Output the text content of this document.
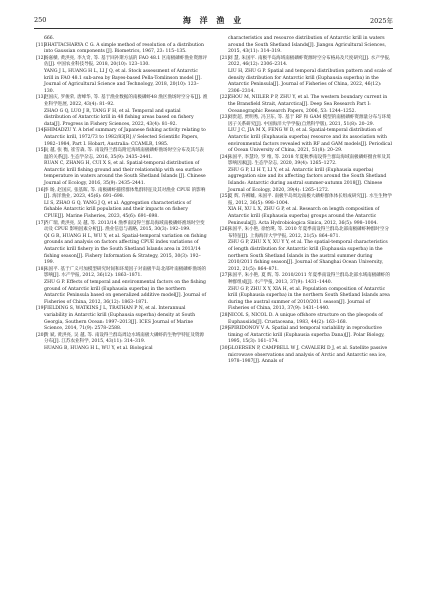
250	海 洋 渔 业	2025年
666.
[11]
BHATTACHARYA C G. A simple method of resolution of a distribution into Gaussian components [J]. Biometrics, 1967, 23: 115–135.
[12]
杨嘉樑, 黄洪亮, 李九奇, 等. 基于回补斯方法的 FAO 48.1 区南极磷虾渔业资源评估[J]. 中国农业科技导报, 2018, 20(10): 123–130.
YANG J L, HUANG H L, LI J Q, et al. Stock assessment of Antarctic krill in FAO 48.1 sub-area by Bayes-based Pella-Tomlinson model [J]. Journal of Agricultural Science and Technology, 2018, 20(10): 123–130.
[13]
赵国庆, 罗俊荣, 唐峰华, 等. 基于渔业数据的南极磷虾48 渔区渔场时空分布[J]. 渔业科学进展, 2022, 43(4): 81–92.
ZHAO G Q, LUO J R, TANG F H, et al. Temporal and spatial distribution of Antarctic krill in 48 fishing areas based on fishery data[J]. Progress in Fishery Sciences, 2022, 43(4): 81–92.
[14]
SHIMADZU Y. A brief summary of Japanese fishing activity relating to Antarctic krill, 1972/73 to 1982/83[R] // Selected Scientific Papers, 1982–1984, Part I. Hobart, Australia: CCAMLR, 1985.
[15]
阮 越, 张 衡, 崔雪森, 等. 南设得兰群岛附近海域南极磷虾渔场时空分布及其与表温的关系[J]. 生态学杂志, 2016, 35(9): 2435–2441.
RUAN C, ZHANG H, CUI X S, et al. Spatial-temporal distribution of Antarctic krill fishing ground and their relationship with sea surface temperature in waters around the South Shetland Islands [J]. Chinese Journal of Ecology, 2016, 35(9): 2435–2441.
[16]
李 旸, 赵国庆, 张基晖, 等. 南极磷虾捕捞群体集群特征及其对渔业 CPUE 的影响[J]. 海洋渔业, 2023, 45(6): 691–698.
LI S, ZHAO G Q, YANG J Q, et al. Aggregation characteristics of fishable Antarctic krill population and their impacts on fishery CPUE[J]. Marine Fisheries, 2023, 45(6): 691–698.
[17]
齐广瑞, 黄洪亮, 吴 越, 等. 2013/14 渔季南设得兰群岛海域南极磷虾渔场时空变动及 CPUE 影响因素分析[J]. 渔业信息与战略, 2015, 30(3): 192–199.
QI G R, HUANG H L, WU Y, et al. Spatial-temporal variation on fishing grounds and analysis on factors affecting CPUE index variations of Antarctic krill fishery in the South Shetland Islands area in 2013/14 fishing season[J]. Fishery Information & Strategy, 2015, 30(3): 192–199.
[18]
朱国平. 基于广义可加模型研究时间和环境因子对南极半岛北部叶南极磷虾渔场的影响[J]. 水产学报, 2012, 36(12): 1863–1871.
ZHU G P. Effects of temporal and environmental factors on the fishing ground of Antarctic krill (Euphausia superba) in the northern Antarctic Peninsula based on generalized additive model[J]. Journal of Fisheries of China, 2012, 36(12): 1863–1871.
[19]
FIELDING S, WATKINS J L, TRATHAN P N, et al. Interannual variability in Antarctic krill (Euphausia superba) density at South Georgia, Southern Ocean: 1997–2013[J]. ICES Journal of Marine Science, 2014, 71(9): 2578–2588.
[20]
黄 斌, 黄洪亮, 吴 越, 等. 南设得兰群岛周边水域南极大磷虾的生物学特征及资源分布[J]. 江苏农业科学, 2015, 43(11): 314–319.
HUANG B, HUANG H L, WU Y, et al. Biological
characteristics and resource distribution of Antarctic krill in waters around the South Shetland Islands[J]. Jiangsu Agricultural Sciences, 2015, 43(11): 314–319.
[21]
刘 慧, 朱国平. 南极半岛海域南极磷虾资源时空分布格局及尺度研究[J]. 水产学报, 2022, 46(12): 2306–2314.
LIU H, ZHU G P. Spatial and temporal distribution pattern and scale of density distribution for Antarctic krill (Euphausia superba) in the Antarctic Peninsula[J]. Journal of Fisheries of China, 2022, 46(12): 2306–2314.
[22]
ZHOU M, NIILER P P, ZHU Y, et al. The western boundary current in the Bransfield Strait, Antarctica[J]. Deep Sea Research Part I: Oceanographic Research Papers, 2006, 53: 1244–1252.
[23]
刘贵超, 贾明秀, 冯卫东, 等. 基于 RF 和 GAM 模型的南极磷虾资源量分布与环境因子关系研究[J]. 中国海洋大学学报(自然科学版), 2021, 51(8): 20–29.
LIU J C, JIA M X, FENG W D, et al. Spatial-temporal distribution of Antarctic krill (Euphausia superba) resource and its association with environmental factors revealed with RF and GAM models[J]. Periodical of Ocean University of China, 2021, 51(8): 20–29.
[24]
朱国平, 李慧玲, 罗 维, 等. 2018 年夏秋季南设得兰群岛海域南极磷虾摄食率及其影响因素[J]. 生态学杂志, 2020, 39(4): 1265–1272.
ZHU G P, LI H T, LI Y, et al. Antarctic krill (Euphausia superba) aggregation size and its affecting factors around the South Shetland Islands: Antarctic during austral summer-autumn 2018[J]. Chinese Journal of Ecology, 2020, 39(4): 1265–1272.
[25]
夏 辉, 许柳雄, 朱国平. 南极半岛周边南极大磷虾群体体长组成研究[J]. 水生生物学报, 2012, 36(5): 998–1004.
XIA H, XU L X, ZHU G P, et al. Research on length composition of Antarctic krill (Euphausia superba) groups around the Antarctic Peninsula[J]. Acta Hydrobiologica Sinica, 2012, 36(5): 998–1004.
[26]
朱国平, 朱小艳, 徐怡瑛, 等. 2010 年夏季南设得兰群岛北部南极磷虾种群时空分布特征[J]. 上海海洋大学学报, 2012, 21(5): 864–871.
ZHU G P, ZHU X Y, XU Y Y, et al. The spatial-temporal characteristics of length distribution for Antarctic krill (Euphausia superba) in the northern South Shetland Islands in the austral summer during 2010/2011 fishing season[J]. Journal of Shanghai Ocean University, 2012, 21(5): 864–871.
[27]
朱国平, 朱小艳, 夏 辉, 等. 2010/2011 年夏季南设得兰群岛北部水域南极磷虾的种群组成[J]. 水产学报, 2013, 37(9): 1431–1440.
ZHU G P, ZHU X Y, XIA H, et al. Population composition of Antarctic krill (Euphausia superba) in the northern South Shetland Islands area during the austral summer of 2010/2011 season[J]. Journal of Fisheries of China, 2013, 37(9): 1431–1440.
[28]
NICOL S, NICOL D. A unique offshore structure on the pleopods of Euphausiids[J]. Crustaceana, 1983, 44(2): 163–168.
[29]
SPIRIDONOV V A. Spatial and temporal variability in reproductive timing of Antarctic krill (Euphausia superba Dana)[J]. Polar Biology, 1995, 15(3): 161–174.
[30]
GLOERSEN P, CAMPBELL W J, CAVALERI D J, et al. Satellite passive microwave observations and analysis of Arctic and Antarctic sea ice, 1978–1987[J]. Annals of
